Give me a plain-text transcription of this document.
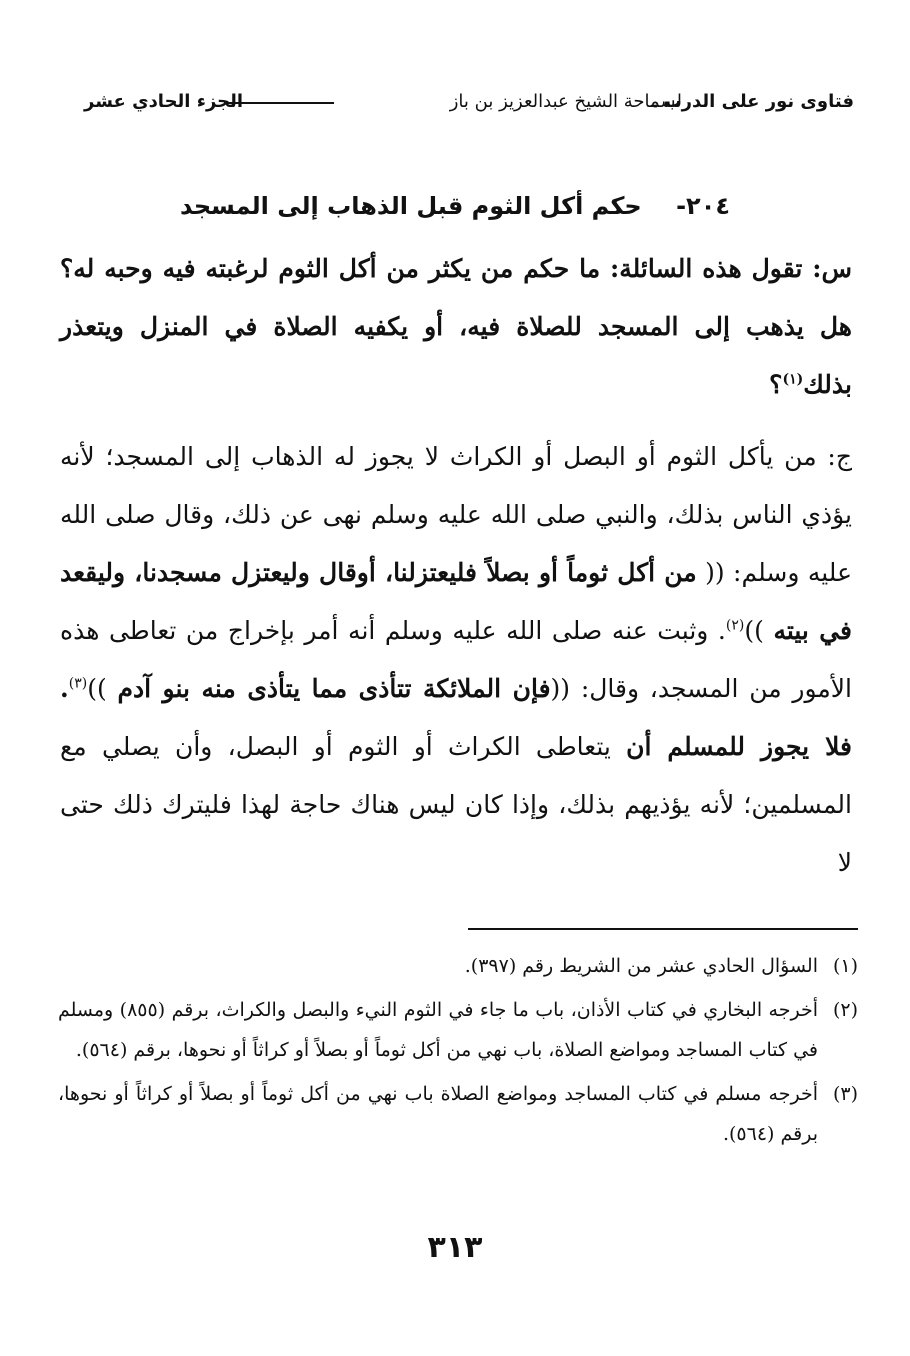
فتاوى نور على الدرب ـ
لسماحة الشيخ عبدالعزيز بن باز
الجزء الحادي عشر
٢٠٤- حكم أكل الثوم قبل الذهاب إلى المسجد
س: تقول هذه السائلة: ما حكم من يكثر من أكل الثوم لرغبته فيه وحبه له؟ هل يذهب إلى المسجد للصلاة فيه، أو يكفيه الصلاة في المنزل ويتعذر بذلك$^{(١)}$؟
ج: من يأكل الثوم أو البصل أو الكراث لا يجوز له الذهاب إلى المسجد؛ لأنه يؤذي الناس بذلك، والنبي صلى الله عليه وسلم نهى عن ذلك، وقال صلى الله عليه وسلم: (( من أكل ثوماً أو بصلاً فليعتزلنا، أوقال وليعتزل مسجدنا، وليقعد في بيته ))$^{(٢)}$. وثبت عنه صلى الله عليه وسلم أنه أمر بإخراج من تعاطى هذه الأمور من المسجد، وقال: ((فإن الملائكة تتأذى مما يتأذى منه بنو آدم ))$^{(٣)}$. فلا يجوز للمسلم أن يتعاطى الكراث أو الثوم أو البصل، وأن يصلي مع المسلمين؛ لأنه يؤذيهم بذلك، وإذا كان ليس هناك حاجة لهذا فليترك ذلك حتى لا
(١)
السؤال الحادي عشر من الشريط رقم (٣٩٧).
(٢)
أخرجه البخاري في كتاب الأذان، باب ما جاء في الثوم النيء والبصل والكراث، برقم (٨٥٥) ومسلم في كتاب المساجد ومواضع الصلاة، باب نهي من أكل ثوماً أو بصلاً أو كراثاً أو نحوها، برقم (٥٦٤).
(٣)
أخرجه مسلم في كتاب المساجد ومواضع الصلاة باب نهي من أكل ثوماً أو بصلاً أو كراثاً أو نحوها، برقم (٥٦٤).
٣١٣
